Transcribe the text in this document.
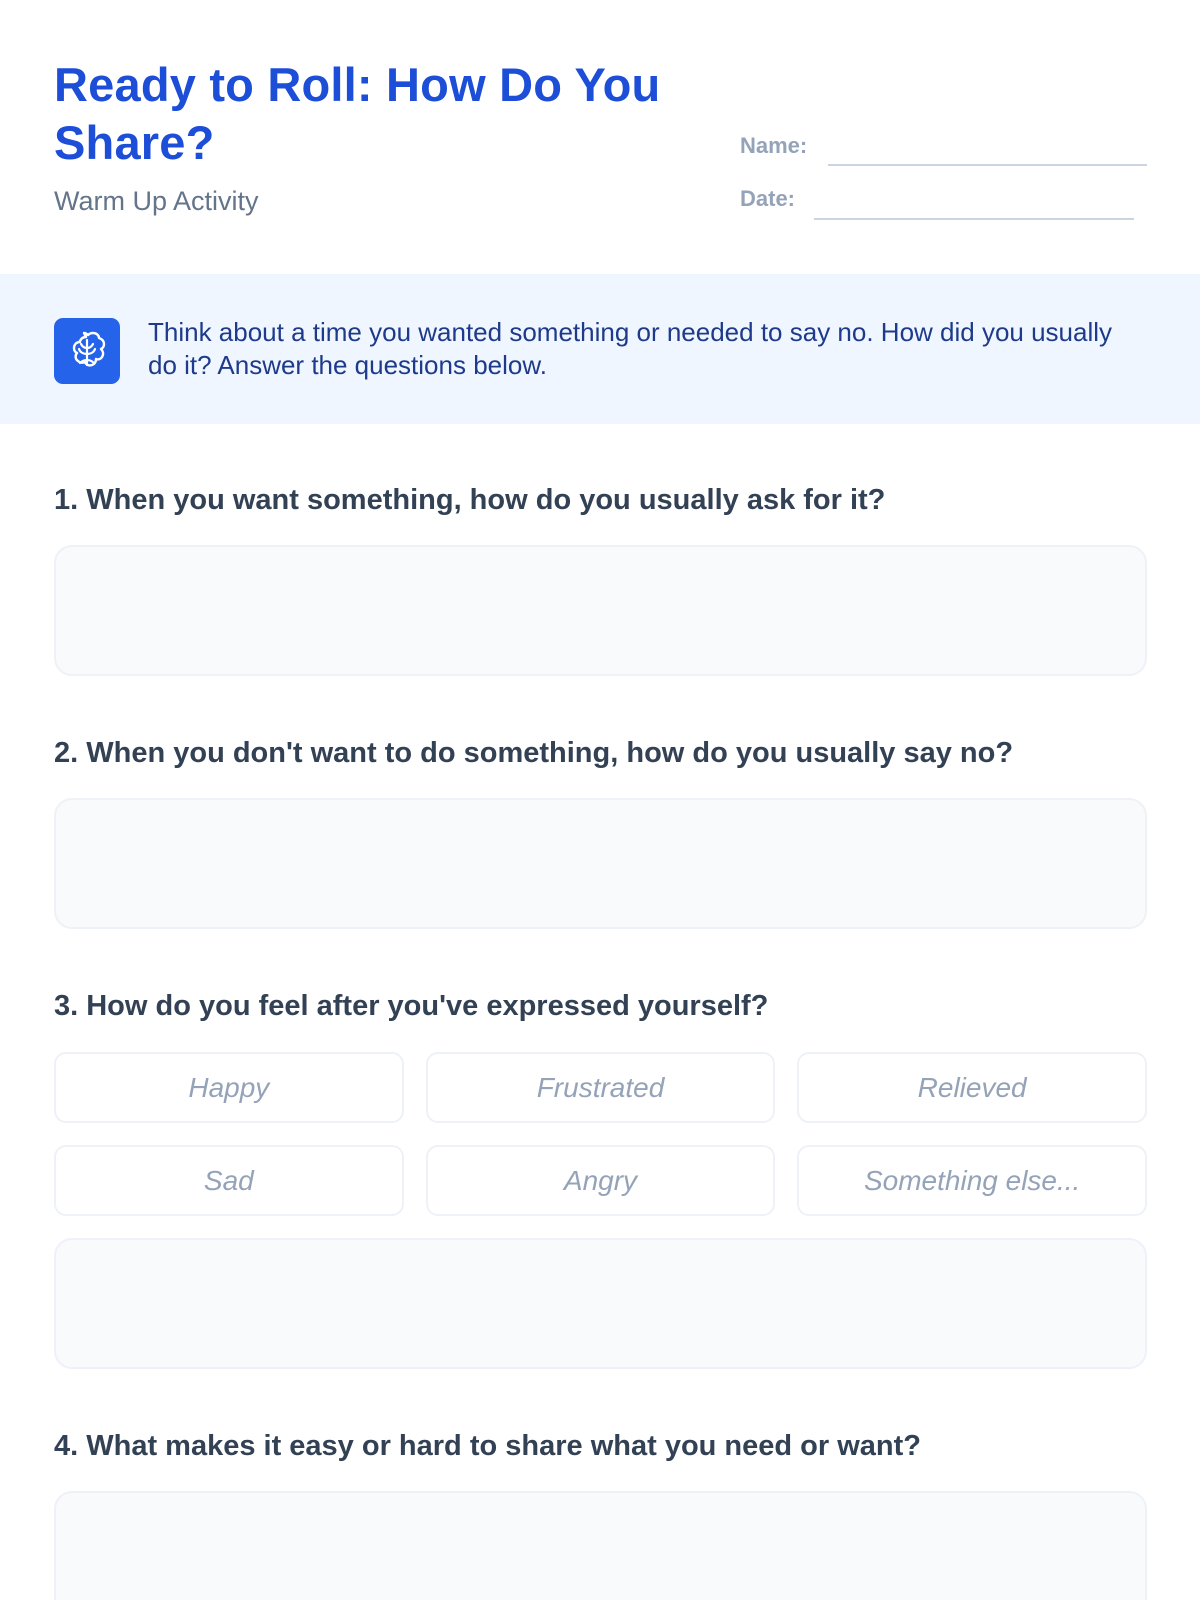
Ready to Roll: How Do You Share?
Warm Up Activity
Name:
Date:
Think about a time you wanted something or needed to say no. How did you usually do it? Answer the questions below.
1. When you want something, how do you usually ask for it?
2. When you don't want to do something, how do you usually say no?
3. How do you feel after you've expressed yourself?
Happy	Frustrated	Relieved
Sad	Angry	Something else...
4. What makes it easy or hard to share what you need or want?
